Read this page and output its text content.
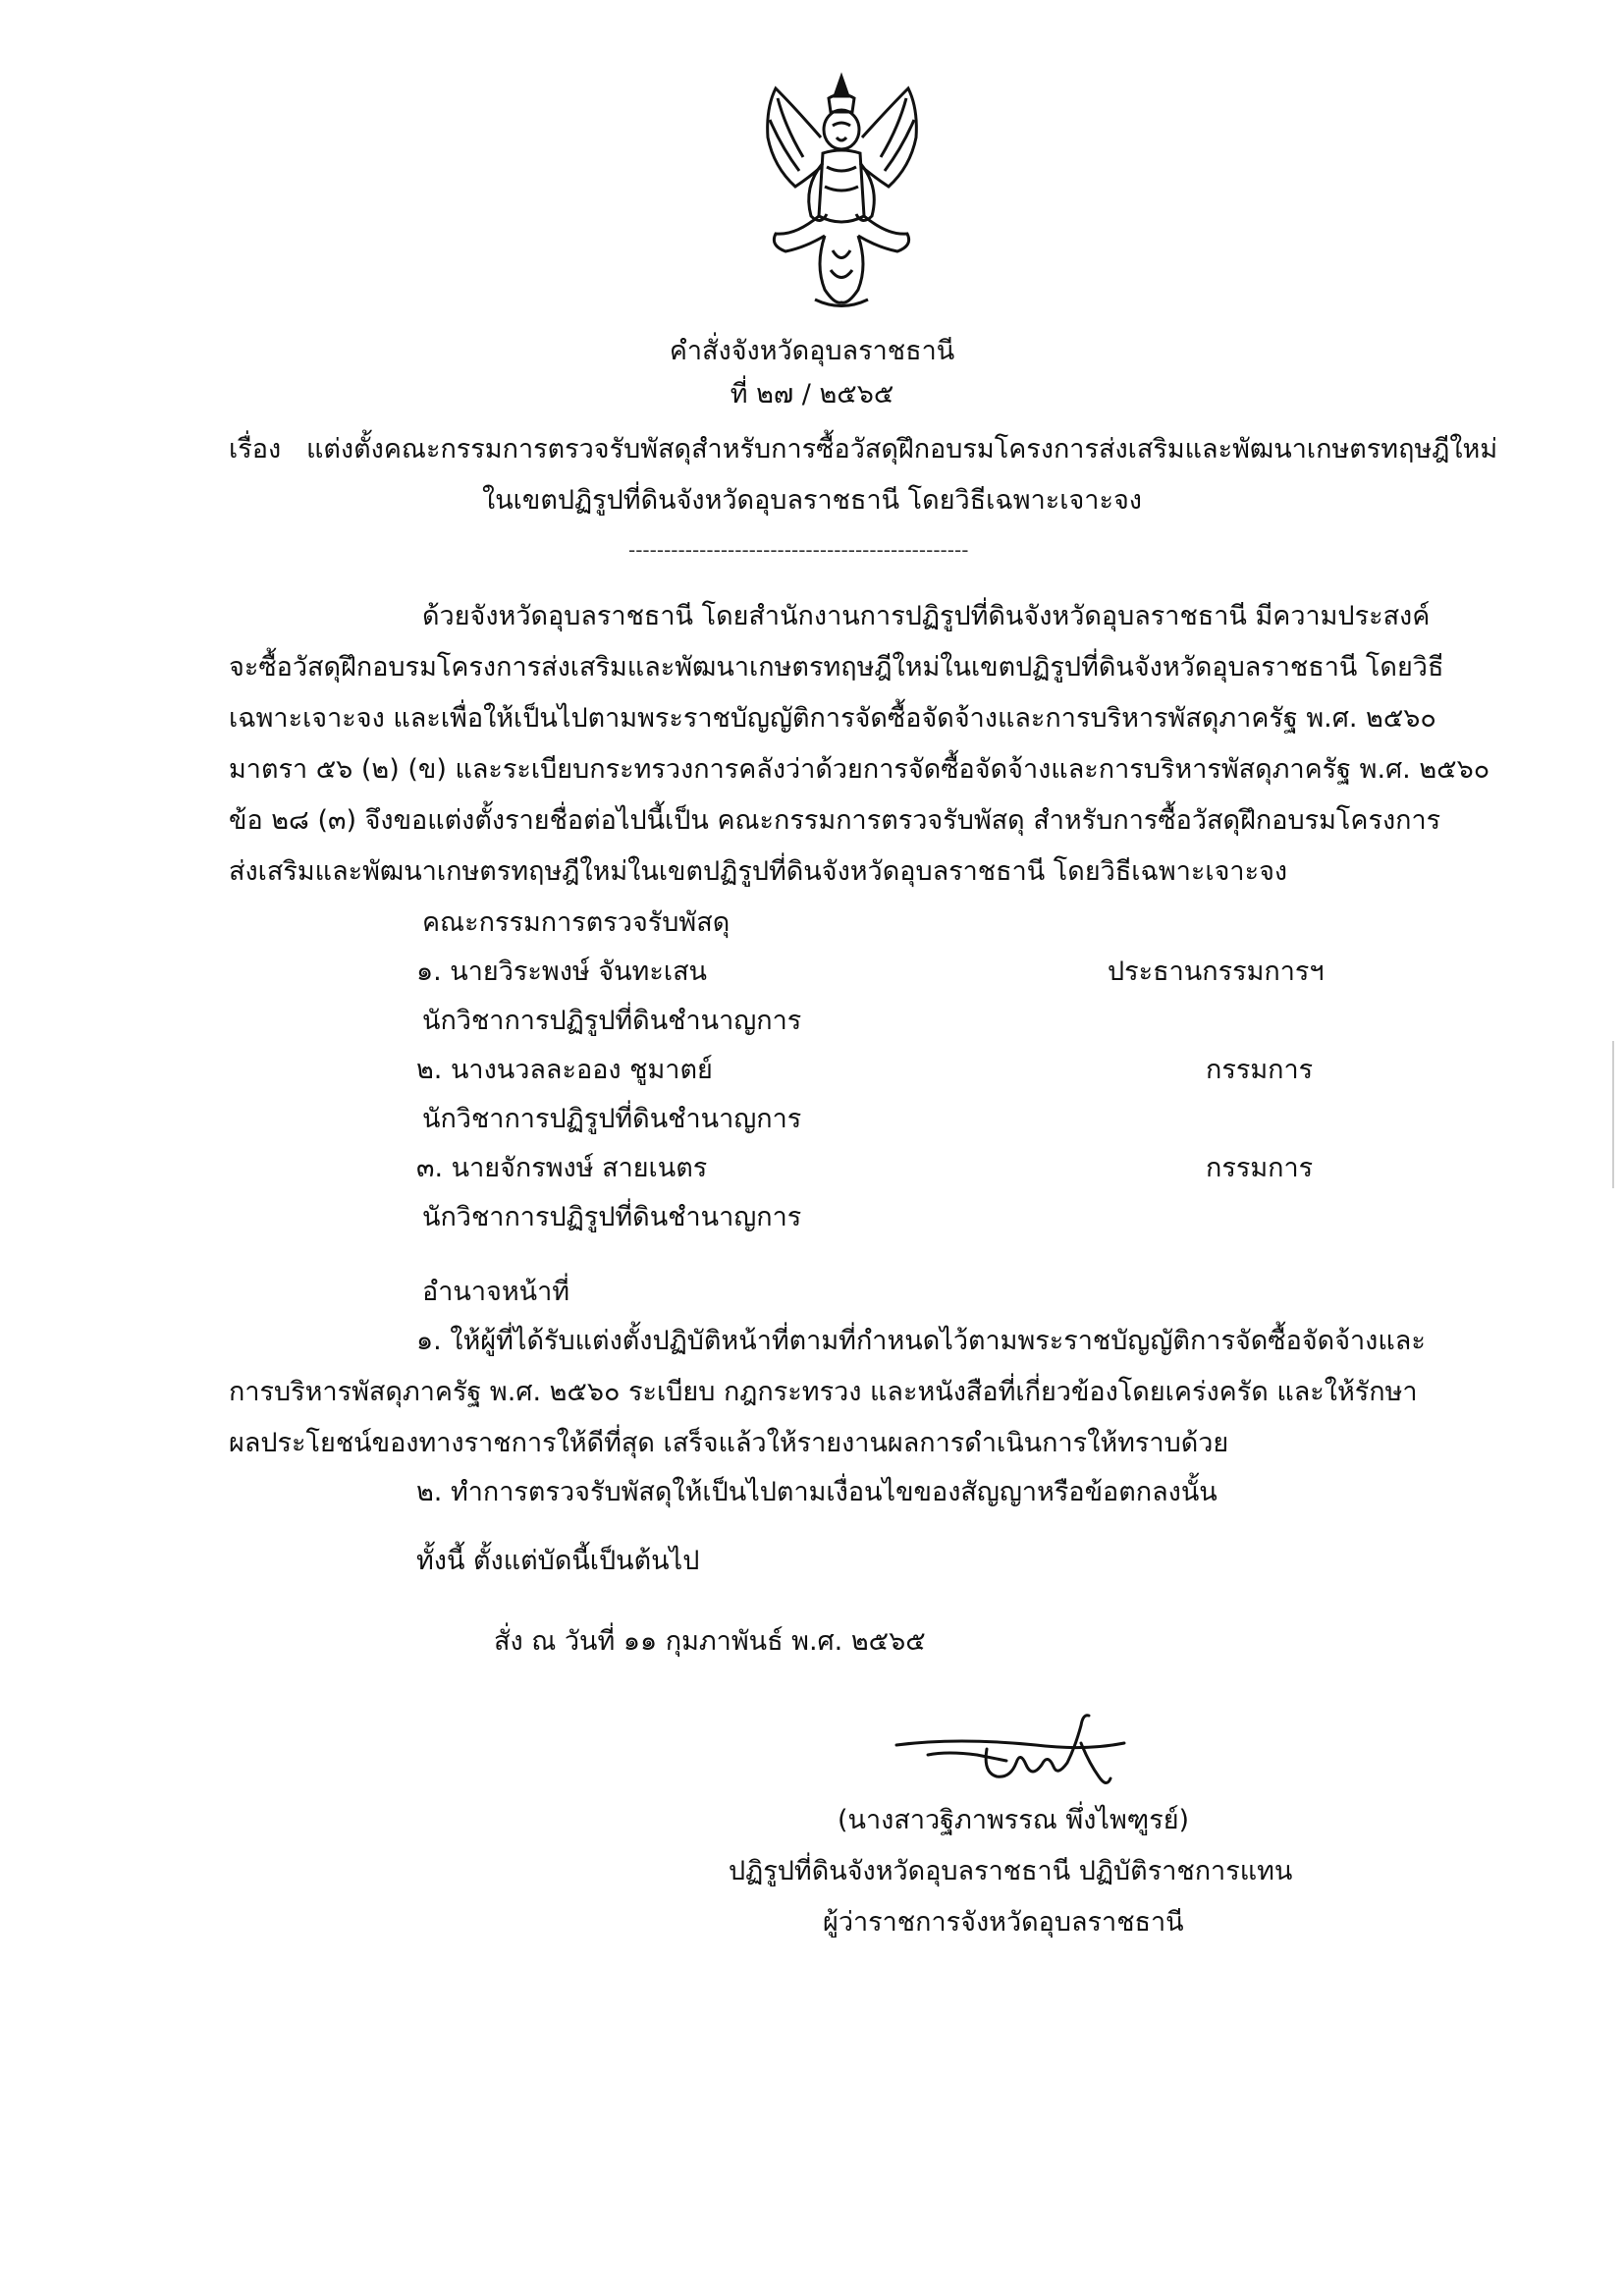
คำสั่งจังหวัดอุบลราชธานี
ที่ ๒๗ / ๒๕๖๕
เรื่อง แต่งตั้งคณะกรรมการตรวจรับพัสดุสำหรับการซื้อวัสดุฝึกอบรมโครงการส่งเสริมและพัฒนาเกษตรทฤษฎีใหม่
ในเขตปฏิรูปที่ดินจังหวัดอุบลราชธานี โดยวิธีเฉพาะเจาะจง
------------------------------------------------
ด้วยจังหวัดอุบลราชธานี โดยสำนักงานการปฏิรูปที่ดินจังหวัดอุบลราชธานี มีความประสงค์
จะซื้อวัสดุฝึกอบรมโครงการส่งเสริมและพัฒนาเกษตรทฤษฎีใหม่ในเขตปฏิรูปที่ดินจังหวัดอุบลราชธานี โดยวิธี
เฉพาะเจาะจง และเพื่อให้เป็นไปตามพระราชบัญญัติการจัดซื้อจัดจ้างและการบริหารพัสดุภาครัฐ พ.ศ. ๒๕๖๐
มาตรา ๕๖ (๒) (ข) และระเบียบกระทรวงการคลังว่าด้วยการจัดซื้อจัดจ้างและการบริหารพัสดุภาครัฐ พ.ศ. ๒๕๖๐
ข้อ ๒๘ (๓) จึงขอแต่งตั้งรายชื่อต่อไปนี้เป็น คณะกรรมการตรวจรับพัสดุ สำหรับการซื้อวัสดุฝึกอบรมโครงการ
ส่งเสริมและพัฒนาเกษตรทฤษฎีใหม่ในเขตปฏิรูปที่ดินจังหวัดอุบลราชธานี โดยวิธีเฉพาะเจาะจง
คณะกรรมการตรวจรับพัสดุ
๑. นายวิระพงษ์ จันทะเสน	ประธานกรรมการฯ
นักวิชาการปฏิรูปที่ดินชำนาญการ
๒. นางนวลละออง ชูมาตย์	กรรมการ
นักวิชาการปฏิรูปที่ดินชำนาญการ
๓. นายจักรพงษ์ สายเนตร	กรรมการ
นักวิชาการปฏิรูปที่ดินชำนาญการ
อำนาจหน้าที่
๑. ให้ผู้ที่ได้รับแต่งตั้งปฏิบัติหน้าที่ตามที่กำหนดไว้ตามพระราชบัญญัติการจัดซื้อจัดจ้างและ
การบริหารพัสดุภาครัฐ พ.ศ. ๒๕๖๐ ระเบียบ กฎกระทรวง และหนังสือที่เกี่ยวข้องโดยเคร่งครัด และให้รักษา
ผลประโยชน์ของทางราชการให้ดีที่สุด เสร็จแล้วให้รายงานผลการดำเนินการให้ทราบด้วย
๒. ทำการตรวจรับพัสดุให้เป็นไปตามเงื่อนไขของสัญญาหรือข้อตกลงนั้น
ทั้งนี้ ตั้งแต่บัดนี้เป็นต้นไป
สั่ง ณ วันที่ ๑๑ กุมภาพันธ์ พ.ศ. ๒๕๖๕
(นางสาวฐิภาพรรณ พึ่งไพฑูรย์)
ปฏิรูปที่ดินจังหวัดอุบลราชธานี ปฏิบัติราชการแทน
ผู้ว่าราชการจังหวัดอุบลราชธานี
